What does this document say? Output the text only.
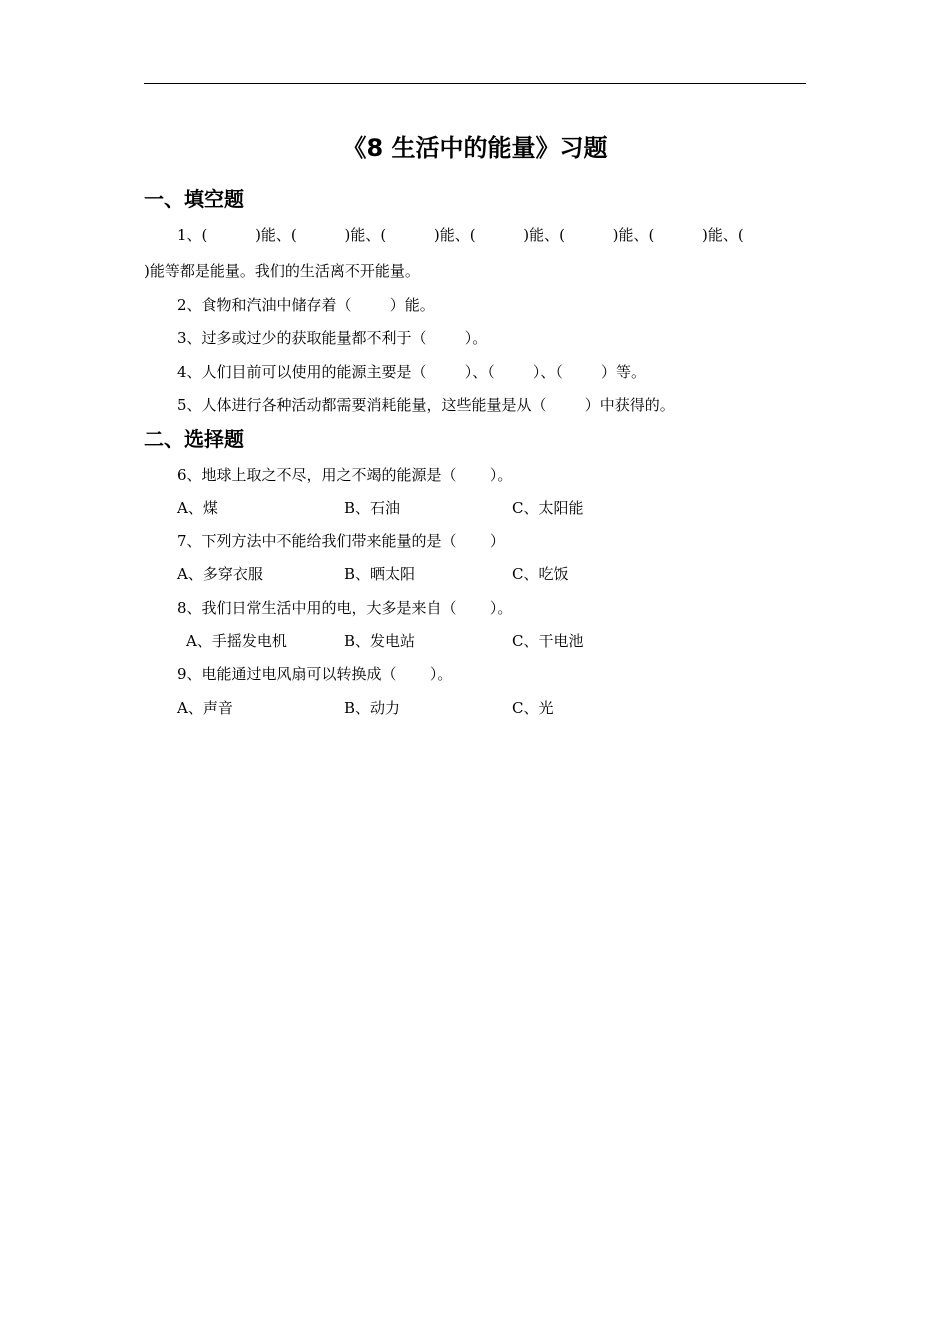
《8 生活中的能量》习题
一、填空题
1、(          )能、(          )能、(          )能、(          )能、(          )能、(          )能、(
)能等都是能量。我们的生活离不开能量。
2、食物和汽油中储存着（        ）能。
3、过多或过少的获取能量都不利于（        ）。
4、人们目前可以使用的能源主要是（        ）、（        ）、（        ）等。
5、人体进行各种活动都需要消耗能量，这些能量是从（        ）中获得的。
二、选择题
6、地球上取之不尽，用之不竭的能源是（       ）。
A、煤	B、石油	C、太阳能
7、下列方法中不能给我们带来能量的是（       ）
A、多穿衣服	B、晒太阳	C、吃饭
8、我们日常生活中用的电，大多是来自（       ）。
A、手摇发电机	B、发电站	C、干电池
9、电能通过电风扇可以转换成（       ）。
A、声音	B、动力	C、光
